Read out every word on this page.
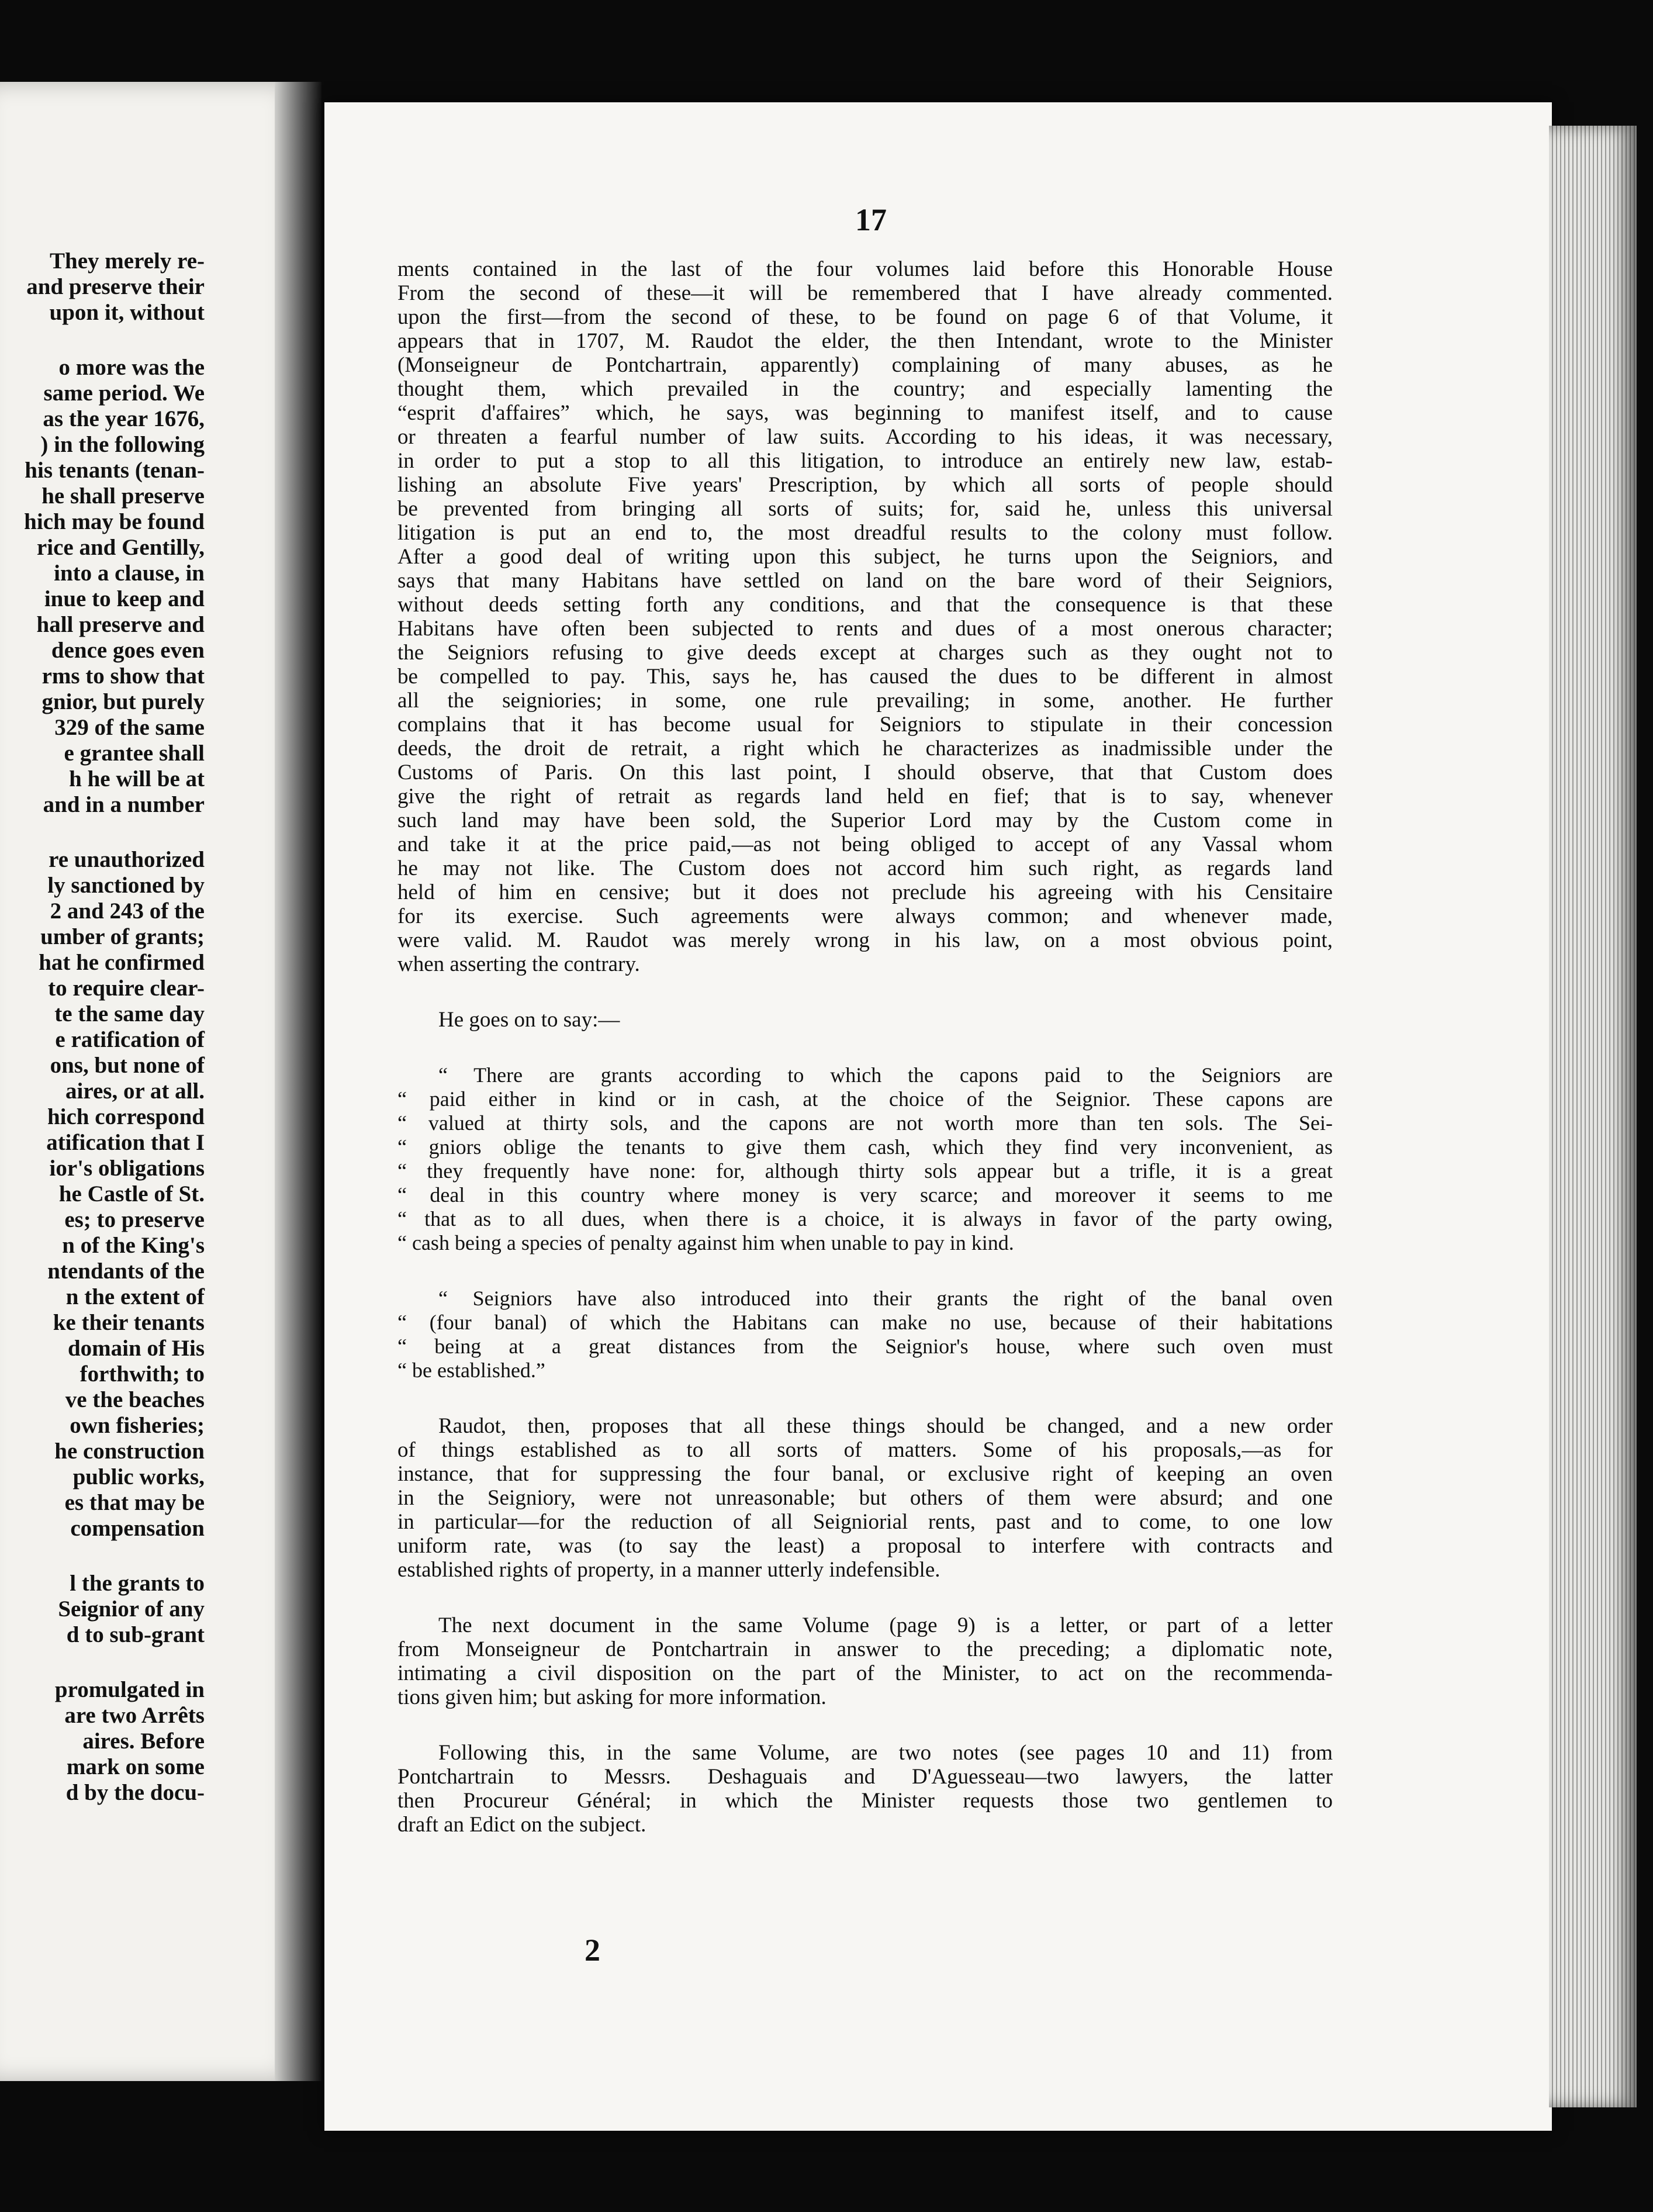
They merely re-
and preserve their
upon it, without
o more was the
same period. We
as the year 1676,
) in the following
his tenants (tenan-
he shall preserve
hich may be found
rice and Gentilly,
into a clause, in
inue to keep and
hall preserve and
dence goes even
rms to show that
gnior, but purely
329 of the same
e grantee shall
h he will be at
and in a number
re unauthorized
ly sanctioned by
2 and 243 of the
umber of grants;
hat he confirmed
to require clear-
te the same day
e ratification of
ons, but none of
aires, or at all.
hich correspond
atification that I
ior's obligations
he Castle of St.
es; to preserve
n of the King's
ntendants of the
n the extent of
ke their tenants
domain of His
forthwith; to
ve the beaches
own fisheries;
he construction
public works,
es that may be
compensation
l the grants to
Seignior of any
d to sub-grant
promulgated in
are two Arrêts
aires. Before
mark on some
d by the docu-
17
ments contained in the last of the four volumes laid before this Honorable House
From the second of these—it will be remembered that I have already commented.
upon the first—from the second of these, to be found on page 6 of that Volume, it
appears that in 1707, M. Raudot the elder, the then Intendant, wrote to the Minister
(Monseigneur de Pontchartrain, apparently) complaining of many abuses, as he
thought them, which prevailed in the country; and especially lamenting the
“esprit d'affaires” which, he says, was beginning to manifest itself, and to cause
or threaten a fearful number of law suits. According to his ideas, it was necessary,
in order to put a stop to all this litigation, to introduce an entirely new law, estab-
lishing an absolute Five years' Prescription, by which all sorts of people should
be prevented from bringing all sorts of suits; for, said he, unless this universal
litigation is put an end to, the most dreadful results to the colony must follow.
After a good deal of writing upon this subject, he turns upon the Seigniors, and
says that many Habitans have settled on land on the bare word of their Seigniors,
without deeds setting forth any conditions, and that the consequence is that these
Habitans have often been subjected to rents and dues of a most onerous character;
the Seigniors refusing to give deeds except at charges such as they ought not to
be compelled to pay. This, says he, has caused the dues to be different in almost
all the seigniories; in some, one rule prevailing; in some, another. He further
complains that it has become usual for Seigniors to stipulate in their concession
deeds, the droit de retrait, a right which he characterizes as inadmissible under the
Customs of Paris. On this last point, I should observe, that that Custom does
give the right of retrait as regards land held en fief; that is to say, whenever
such land may have been sold, the Superior Lord may by the Custom come in
and take it at the price paid,—as not being obliged to accept of any Vassal whom
he may not like. The Custom does not accord him such right, as regards land
held of him en censive; but it does not preclude his agreeing with his Censitaire
for its exercise. Such agreements were always common; and whenever made,
were valid. M. Raudot was merely wrong in his law, on a most obvious point,
when asserting the contrary.
He goes on to say:—
“ There are grants according to which the capons paid to the Seigniors are
“ paid either in kind or in cash, at the choice of the Seignior. These capons are
“ valued at thirty sols, and the capons are not worth more than ten sols. The Sei-
“ gniors oblige the tenants to give them cash, which they find very inconvenient, as
“ they frequently have none: for, although thirty sols appear but a trifle, it is a great
“ deal in this country where money is very scarce; and moreover it seems to me
“ that as to all dues, when there is a choice, it is always in favor of the party owing,
“ cash being a species of penalty against him when unable to pay in kind.
“ Seigniors have also introduced into their grants the right of the banal oven
“ (four banal) of which the Habitans can make no use, because of their habitations
“ being at a great distances from the Seignior's house, where such oven must
“ be established.”
Raudot, then, proposes that all these things should be changed, and a new order
of things established as to all sorts of matters. Some of his proposals,—as for
instance, that for suppressing the four banal, or exclusive right of keeping an oven
in the Seigniory, were not unreasonable; but others of them were absurd; and one
in particular—for the reduction of all Seigniorial rents, past and to come, to one low
uniform rate, was (to say the least) a proposal to interfere with contracts and
established rights of property, in a manner utterly indefensible.
The next document in the same Volume (page 9) is a letter, or part of a letter
from Monseigneur de Pontchartrain in answer to the preceding; a diplomatic note,
intimating a civil disposition on the part of the Minister, to act on the recommenda-
tions given him; but asking for more information.
Following this, in the same Volume, are two notes (see pages 10 and 11) from
Pontchartrain to Messrs. Deshaguais and D'Aguesseau—two lawyers, the latter
then Procureur Général; in which the Minister requests those two gentlemen to
draft an Edict on the subject.
2
